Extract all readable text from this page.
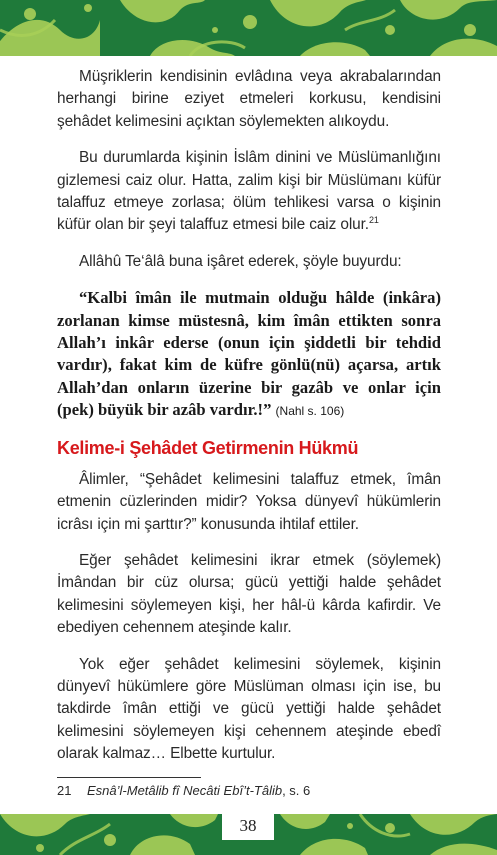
Müşriklerin kendisinin evlâdına veya akrabalarından herhangi birine eziyet etmeleri korkusu, kendisini şehâdet kelimesini açıktan söylemekten alıkoydu.

Bu durumlarda kişinin İslâm dinini ve Müslümanlığını gizlemesi caiz olur. Hatta, zalim kişi bir Müslümanı küfür talaffuz etmeye zorlasa; ölüm tehlikesi varsa o kişinin küfür olan bir şeyi talaffuz etmesi bile caiz olur.$^{21}$

Allâhû Te‘âlâ buna işâret ederek, şöyle buyurdu:

“Kalbi îmân ile mutmain olduğu hâlde (inkâra) zorlanan kimse müstesnâ, kim îmân ettikten sonra Allah’ı inkâr ederse (onun için şiddetli bir tehdid vardır), fakat kim de küfre gönlü(nü) açarsa, artık Allah’dan onların üzerine bir gazâb ve onlar için (pek) büyük bir azâb vardır.!” (Nahl s. 106)

Kelime-i Şehâdet Getirmenin Hükmü

Âlimler, “Şehâdet kelimesini talaffuz etmek, îmân etmenin cüzlerinden midir? Yoksa dünyevî hükümlerin icrâsı için mi şarttır?” konusunda ihtilaf ettiler.

Eğer şehâdet kelimesini ikrar etmek (söylemek) İmândan bir cüz olursa; gücü yettiği halde şehâdet kelimesini söylemeyen kişi, her hâl-ü kârda kafirdir. Ve ebediyen cehennem ateşinde kalır.

Yok eğer şehâdet kelimesini söylemek, kişinin dünyevî hükümlere göre Müslüman olması için ise, bu takdirde îmân ettiği ve gücü yettiği halde şehâdet kelimesini söylemeyen kişi cehennem ateşinde ebedî olarak kalmaz… Elbette kurtulur.

21 Esnâ’l-Metâlib fî Necâti Ebî’t-Tâlib, s. 6
38
